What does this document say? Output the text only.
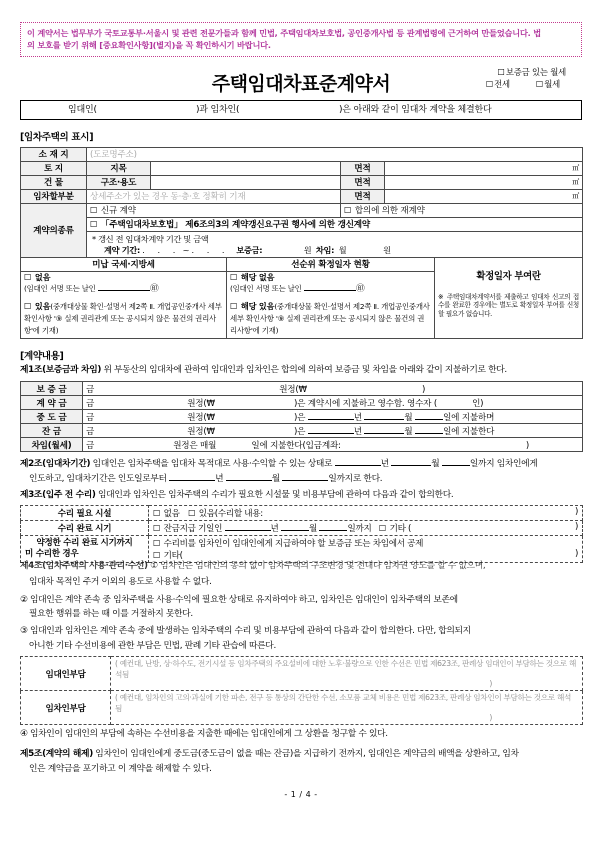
이 계약서는 법무부가 국토교통부·서울시 및 관련 전문가들과 함께 민법, 주택임대차보호법, 공인중개사법 등 관계법령에 근거하여 만들었습니다. 법

의 보호를 받기 위해 [중요확인사항](별지)을 꼭 확인하시기 바랍니다.

주택임대차표준계약서
☐ 보증금 있는 월세
☐ 전세 ☐	월세
임대인(	)과 임차인(	)은 아래와 같이 임대차 계약을 체결한다
[임차주택의 표시]
소 재 지	(도로명주소)			
토 지	지목		면적	㎡

건 물	구조·용도		면적	㎡

임차할부분	상세주소가 있는 경우 동·층·호 정확히 기재		면적	㎡

계약의종류	☐ 신규 계약	☐합의에 의한 재계약
☐ 「주택임대차보호법」 제6조의3의 계약갱신요구권 행사에 의한 갱신계약

	* 갱신 전 임대차계약 기간 및 금액
계약 기간: . . . ~ . . . 보증금: 원 차임: 월 원			
미납 국세·지방세	선순위 확정일자 현황	확정일자 부여란
※ 주택임대차계약서를 제출하고 임대차 신고의 접수를 완료한 경우에는 별도로 확정일자 부여를 신청할 필요가 없습니다.

☐ 없음
(임대인 서명 또는 날인	㊞
☐ 있음(중개대상물 확인·설명서 제2쪽 Ⅱ. 개업공인중개사 세부 확인사항 '⑨ 실제 권리관계 또는 공시되지 않은 물건의 권리사항'에 기재)

☐ 해당 없음
(임대인 서명 또는 날인	㊞
☐ 해당 있음(중개대상물 확인·설명서 제2쪽 Ⅱ. 개업공인중개사 세부 확인사항 '⑨ 실제 권리관계 또는 공시되지 않은 물건의 권리사항'에 기재)
[계약내용]
제1조(보증금과 차임) 위 부동산의 임대차에 관하여 임대인과 임차인은 합의에 의하여 보증금 및 차임을 아래와 같이 지불하기로 한다.
보 증 금	금 원정(₩ )
계 약 금	금 원정(₩ )은 계약시에 지불하고 영수함. 영수자 ( 인)
중 도 금	금 원정(₩ )은 년 월 일에 지불하며
잔 금	금 원정(₩ )은 년 월 일에 지불한다
차임(월세)	금 원정은 매월 일에 지불한다(입금계좌: )
제2조(임대차기간) 임대인은 임차주택을 임대차 목적대로 사용·수익할 수 있는 상태로	년	월	일까지 임차인에게
인도하고, 임대차기간은 인도일로부터	년	월	일까지로 한다.
제3조(입주 전 수리) 임대인과 임차인은 임차주택의 수리가 필요한 시설물 및 비용부담에 관하여 다음과 같이 합의한다.
수리 필요 시설	☐없음 ☐ 있음(수리할 내용: )

수리 완료 시기	☐잔금지급 기일인 년 월 일까지 ☐ 기타 ( )

약정한 수리 완료 시기까지
미 수리한 경우

☐ 수리비를 임차인이 임대인에게 지급하여야 할 보증금 또는 차임에서 공제
☐ 기타(	)
제4조(임차주택의 사용·관리·수선) ① 임차인은 임대인의 동의 없이 임차주택의 구조변경 및 전대나 임차권 양도를 할 수 없으며,
임대차 목적인 주거 이외의 용도로 사용할 수 없다.
② 임대인은 계약 존속 중 임차주택을 사용·수익에 필요한 상태로 유지하여야 하고, 임차인은 임대인이 임차주택의 보존에
필요한 행위를 하는 때 이를 거절하지 못한다.
③ 임대인과 임차인은 계약 존속 중에 발생하는 임차주택의 수리 및 비용부담에 관하여 다음과 같이 합의한다. 다만, 합의되지
아니한 기타 수선비용에 관한 부담은 민법, 판례 기타 관습에 따른다.
임대인부담	( 예컨대, 난방, 상·하수도, 전기시설 등 임차주택의 주요설비에 대한 노후·불량으로 인한 수선은 민법 제623조, 판례상 임대인이 부담하는 것으로 해석됨
)

임차인부담	( 예컨대, 임차인의 고의·과실에 기한 파손, 전구 등 통상의 간단한 수선, 소모품 교체 비용은 민법 제623조, 판례상 임차인이 부담하는 것으로 해석됨
)
④ 임차인이 임대인의 부담에 속하는 수선비용을 지출한 때에는 임대인에게 그 상환을 청구할 수 있다.
제5조(계약의 해제) 임차인이 임대인에게 중도금(중도금이 없을 때는 잔금)을 지급하기 전까지, 임대인은 계약금의 배액을 상환하고, 임차
인은 계약금을 포기하고 이 계약을 해제할 수 있다.
- 1 / 4 -
